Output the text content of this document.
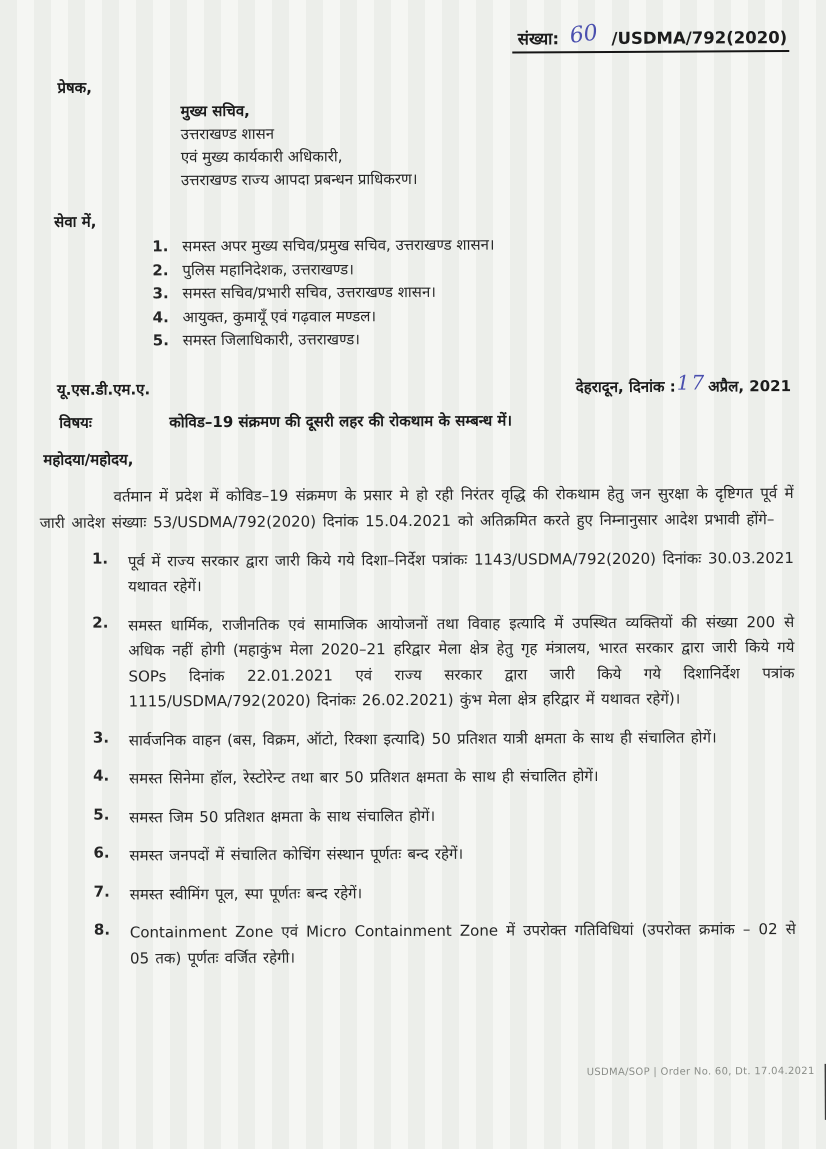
संख्या: 60 /USDMA/792(2020)
प्रेषक,
मुख्य सचिव,
उत्तराखण्ड शासन
एवं मुख्य कार्यकारी अधिकारी,
उत्तराखण्ड राज्य आपदा प्रबन्धन प्राधिकरण।
सेवा में,
1. समस्त अपर मुख्य सचिव/प्रमुख सचिव, उत्तराखण्ड शासन।
2. पुलिस महानिदेशक, उत्तराखण्ड।
3. समस्त सचिव/प्रभारी सचिव, उत्तराखण्ड शासन।
4. आयुक्त, कुमायूँ एवं गढ़वाल मण्डल।
5. समस्त जिलाधिकारी, उत्तराखण्ड।
यू.एस.डी.एम.ए.	देहरादून, दिनांक :17 अप्रैल, 2021
विषयः	कोविड–19 संक्रमण की दूसरी लहर की रोकथाम के सम्बन्ध में।
महोदया/महोदय,

वर्तमान में प्रदेश में कोविड–19 संक्रमण के प्रसार मे हो रही निरंतर वृद्धि की रोकथाम हेतु जन सुरक्षा के दृष्टिगत पूर्व में जारी आदेश संख्याः 53/USDMA/792(2020) दिनांक 15.04.2021 को अतिक्रमित करते हुए निम्नानुसार आदेश प्रभावी होंगे–

1.	पूर्व में राज्य सरकार द्वारा जारी किये गये दिशा–निर्देश पत्रांकः 1143/USDMA/792(2020) दिनांकः 30.03.2021 यथावत रहेगें।
2.	समस्त धार्मिक, राजीनतिक एवं सामाजिक आयोजनों तथा विवाह इत्यादि में उपस्थित व्यक्तियों की संख्या 200 से अधिक नहीं होगी (महाकुंभ मेला 2020–21 हरिद्वार मेला क्षेत्र हेतु गृह मंत्रालय, भारत सरकार द्वारा जारी किये गये SOPs दिनांक 22.01.2021 एवं राज्य सरकार द्वारा जारी किये गये दिशानिर्देश पत्रांक 1115/USDMA/792(2020) दिनांकः 26.02.2021) कुंभ मेला क्षेत्र हरिद्वार में यथावत रहेगें)।
3.	सार्वजनिक वाहन (बस, विक्रम, ऑटो, रिक्शा इत्यादि) 50 प्रतिशत यात्री क्षमता के साथ ही संचालित होगें।
4.	समस्त सिनेमा हॉल, रेस्टोरेन्ट तथा बार 50 प्रतिशत क्षमता के साथ ही संचालित होगें।
5.	समस्त जिम 50 प्रतिशत क्षमता के साथ संचालित होगें।
6.	समस्त जनपदों में संचालित कोचिंग संस्थान पूर्णतः बन्द रहेगें।
7.	समस्त स्वीमिंग पूल, स्पा पूर्णतः बन्द रहेगें।
8.	Containment Zone एवं Micro Containment Zone में उपरोक्त गतिविधियां (उपरोक्त क्रमांक – 02 से 05 तक) पूर्णतः वर्जित रहेगी।
USDMA/SOP | Order No. 60, Dt. 17.04.2021
